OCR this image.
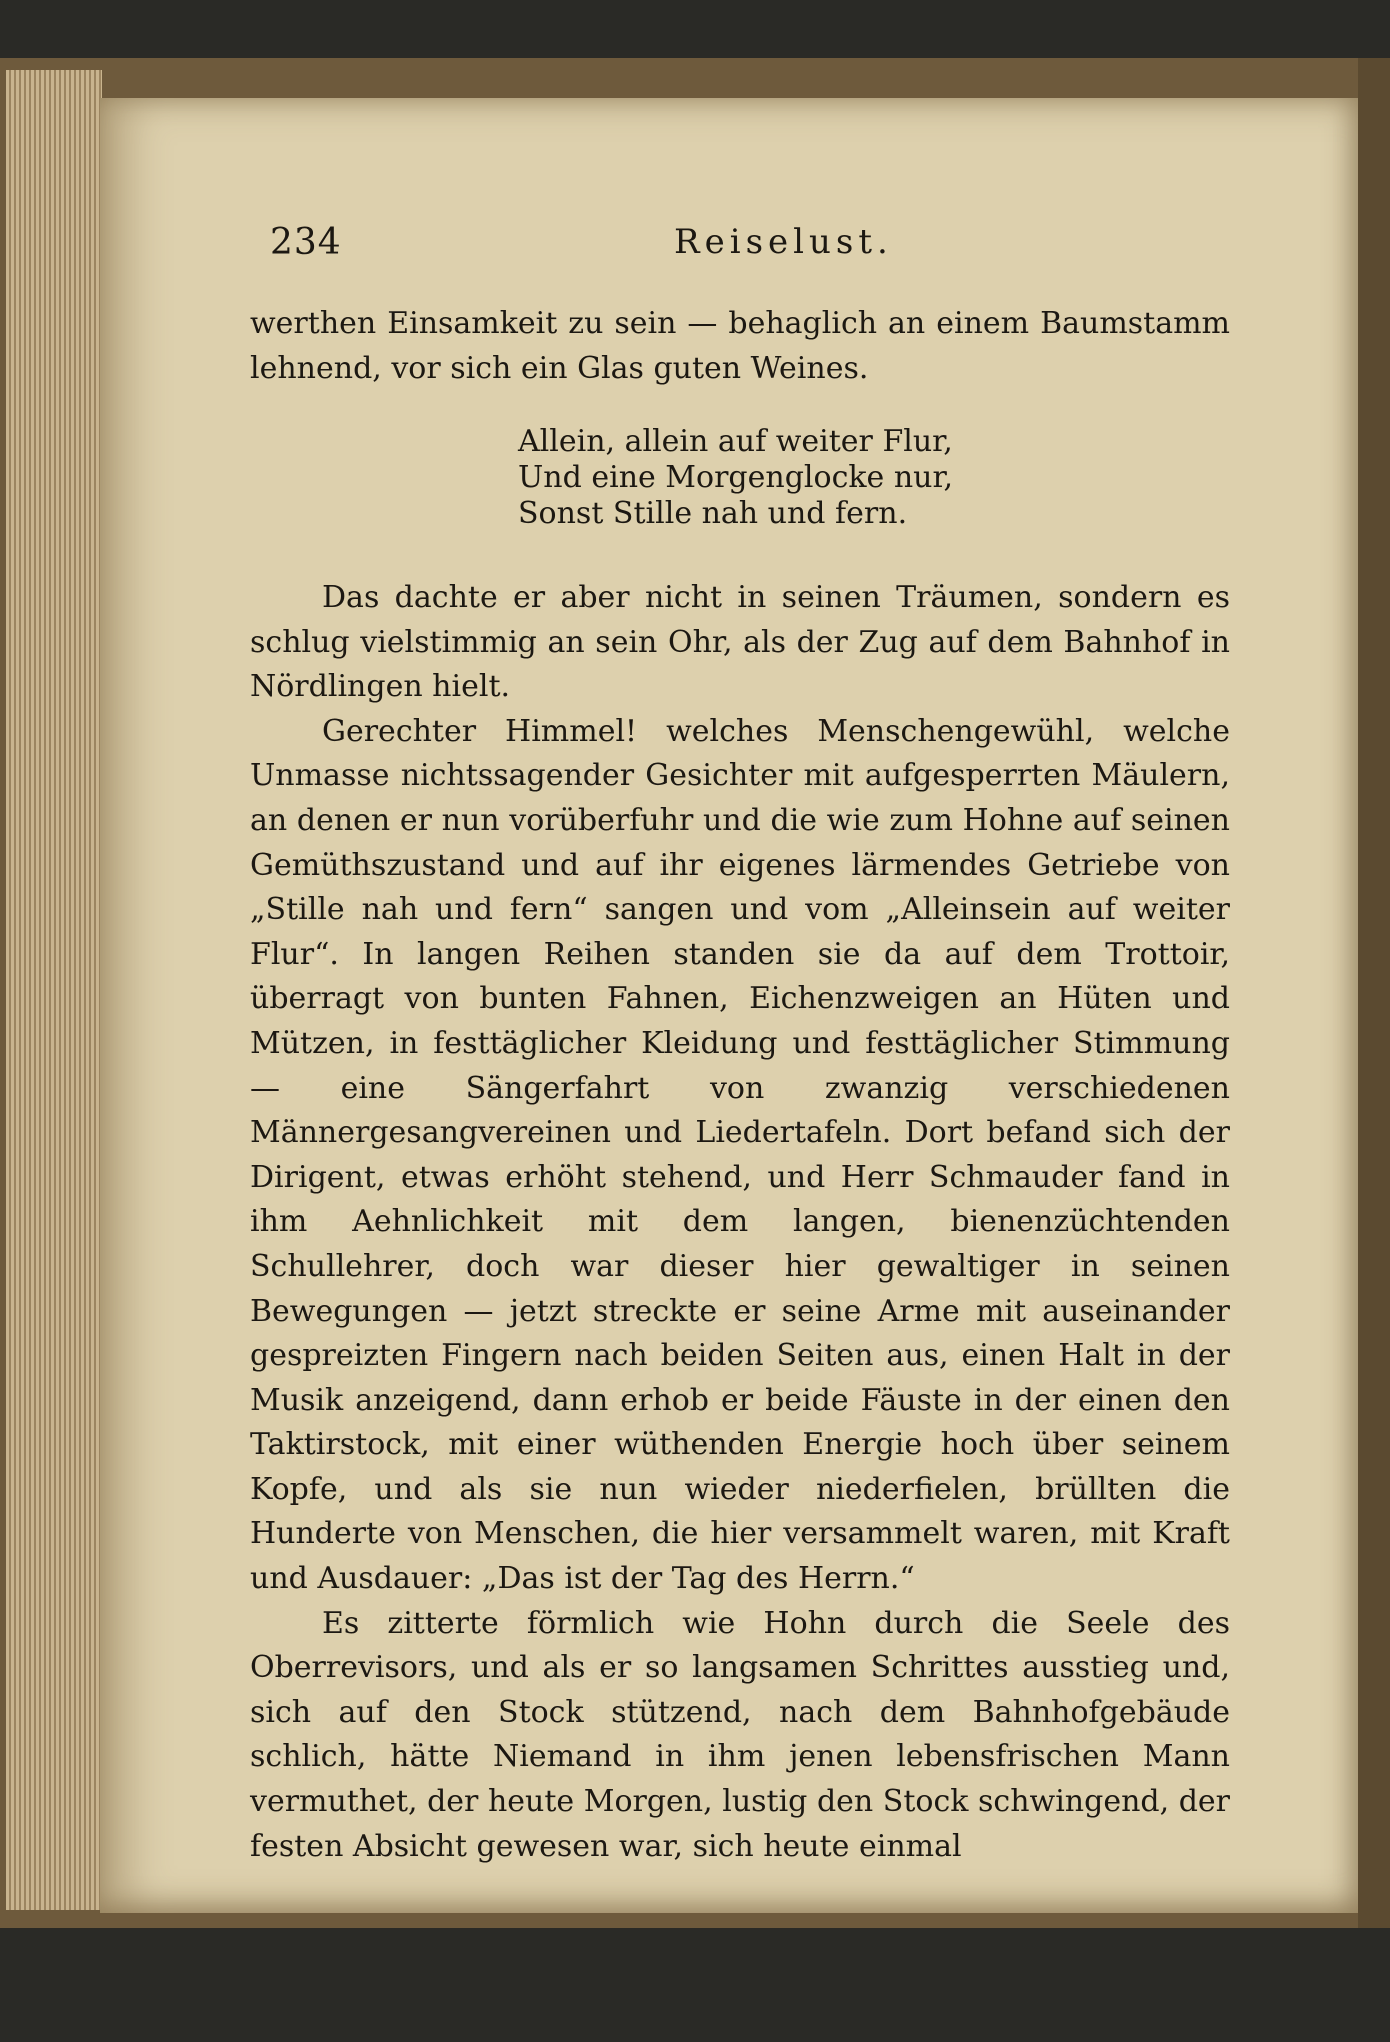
234	Reiselust.

werthen Einsamkeit zu sein — behaglich an einem Baumstamm lehnend, vor sich ein Glas guten Weines.

Allein, allein auf weiter Flur,
Und eine Morgenglocke nur,
Sonst Stille nah und fern.

Das dachte er aber nicht in seinen Träumen, sondern es schlug vielstimmig an sein Ohr, als der Zug auf dem Bahnhof in Nördlingen hielt.

Gerechter Himmel! welches Menschengewühl, welche Unmasse nichtssagender Gesichter mit aufgesperrten Mäulern, an denen er nun vorüberfuhr und die wie zum Hohne auf seinen Gemüthszustand und auf ihr eigenes lärmendes Getriebe von „Stille nah und fern“ sangen und vom „Alleinsein auf weiter Flur“. In langen Reihen standen sie da auf dem Trottoir, überragt von bunten Fahnen, Eichenzweigen an Hüten und Mützen, in festtäglicher Kleidung und festtäglicher Stimmung — eine Sängerfahrt von zwanzig verschiedenen Männergesangvereinen und Liedertafeln. Dort befand sich der Dirigent, etwas erhöht stehend, und Herr Schmauder fand in ihm Aehnlichkeit mit dem langen, bienenzüchtenden Schullehrer, doch war dieser hier gewaltiger in seinen Bewegungen — jetzt streckte er seine Arme mit auseinander gespreizten Fingern nach beiden Seiten aus, einen Halt in der Musik anzeigend, dann erhob er beide Fäuste in der einen den Taktirstock, mit einer wüthenden Energie hoch über seinem Kopfe, und als sie nun wieder niederfielen, brüllten die Hunderte von Menschen, die hier versammelt waren, mit Kraft und Ausdauer: „Das ist der Tag des Herrn.“

Es zitterte förmlich wie Hohn durch die Seele des Oberrevisors, und als er so langsamen Schrittes ausstieg und, sich auf den Stock stützend, nach dem Bahnhofgebäude schlich, hätte Niemand in ihm jenen lebensfrischen Mann vermuthet, der heute Morgen, lustig den Stock schwingend, der festen Absicht gewesen war, sich heute einmal
